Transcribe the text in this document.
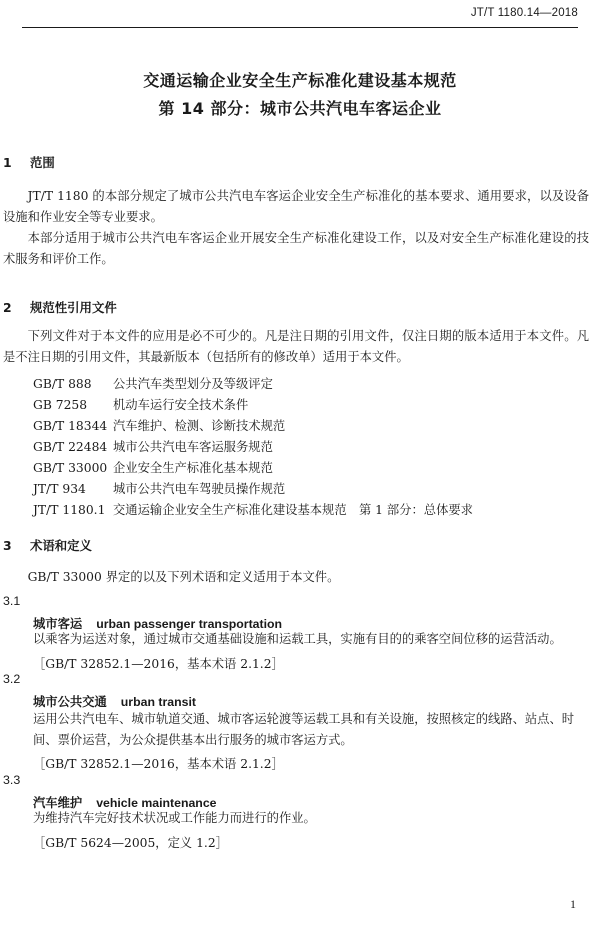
JT/T 1180.14—2018
交通运输企业安全生产标准化建设基本规范
第 14 部分：城市公共汽电车客运企业
1 范围

JT/T 1180 的本部分规定了城市公共汽电车客运企业安全生产标准化的基本要求、通用要求，以及设备设施和作业安全等专业要求。

本部分适用于城市公共汽电车客运企业开展安全生产标准化建设工作，以及对安全生产标准化建设的技术服务和评价工作。

2 规范性引用文件

下列文件对于本文件的应用是必不可少的。凡是注日期的引用文件，仅注日期的版本适用于本文件。凡是不注日期的引用文件，其最新版本（包括所有的修改单）适用于本文件。

GB/T 888 公共汽车类型划分及等级评定
GB 7258 机动车运行安全技术条件
GB/T 18344 汽车维护、检测、诊断技术规范
GB/T 22484 城市公共汽电车客运服务规范
GB/T 33000 企业安全生产标准化基本规范
JT/T 934 城市公共汽电车驾驶员操作规范
JT/T 1180.1 交通运输企业安全生产标准化建设基本规范　第 1 部分：总体要求
3 术语和定义

GB/T 33000 界定的以及下列术语和定义适用于本文件。

3.1
城市客运 urban passenger transportation
以乘客为运送对象，通过城市交通基础设施和运载工具，实施有目的的乘客空间位移的运营活动。
［GB/T 32852.1—2016，基本术语 2.1.2］
3.2
城市公共交通 urban transit
运用公共汽电车、城市轨道交通、城市客运轮渡等运载工具和有关设施，按照核定的线路、站点、时间、票价运营，为公众提供基本出行服务的城市客运方式。
［GB/T 32852.1—2016，基本术语 2.1.2］
3.3
汽车维护 vehicle maintenance
为维持汽车完好技术状况或工作能力而进行的作业。
［GB/T 5624—2005，定义 1.2］
1
